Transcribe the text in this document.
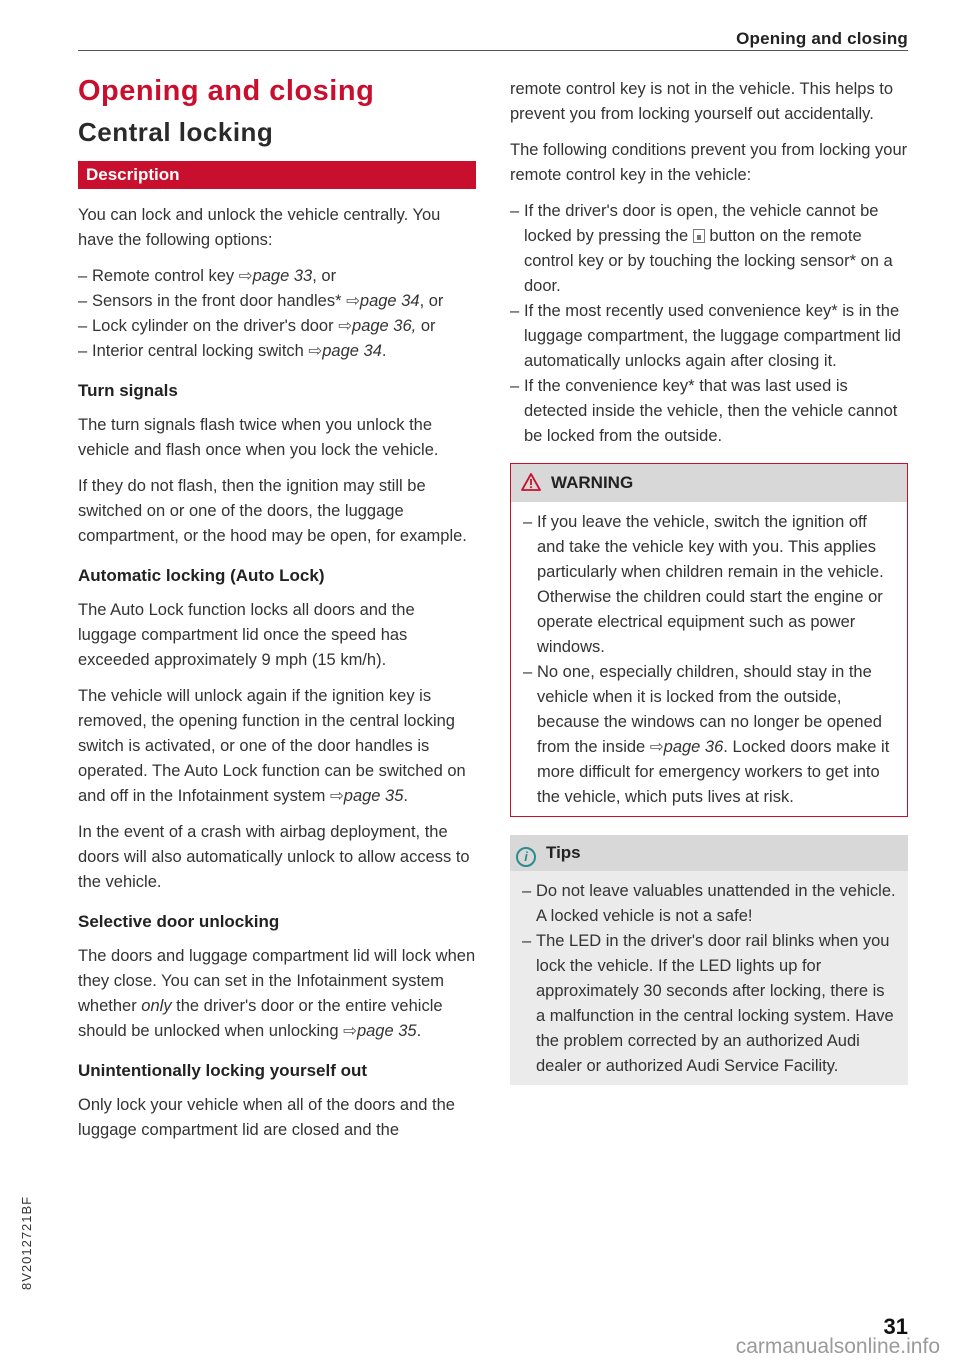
Opening and closing
Opening and closing
Central locking
Description

You can lock and unlock the vehicle centrally. You have the following options:

– Remote control key ⇨page 33, or
– Sensors in the front door handles* ⇨page 34, or
– Lock cylinder on the driver's door ⇨page 36, or
– Interior central locking switch ⇨page 34.
Turn signals

The turn signals flash twice when you unlock the vehicle and flash once when you lock the vehicle.

If they do not flash, then the ignition may still be switched on or one of the doors, the luggage compartment, or the hood may be open, for example.

Automatic locking (Auto Lock)

The Auto Lock function locks all doors and the luggage compartment lid once the speed has exceeded approximately 9 mph (15 km/h).

The vehicle will unlock again if the ignition key is removed, the opening function in the central locking switch is activated, or one of the door handles is operated. The Auto Lock function can be switched on and off in the Infotainment system ⇨page 35.

In the event of a crash with airbag deployment, the doors will also automatically unlock to allow access to the vehicle.

Selective door unlocking

The doors and luggage compartment lid will lock when they close. You can set in the Infotainment system whether only the driver's door or the entire vehicle should be unlocked when unlocking ⇨page 35.

Unintentionally locking yourself out

Only lock your vehicle when all of the doors and the luggage compartment lid are closed and the

remote control key is not in the vehicle. This helps to prevent you from locking yourself out accidentally.

The following conditions prevent you from locking your remote control key in the vehicle:

– If the driver's door is open, the vehicle cannot be locked by pressing the  button on the remote control key or by touching the locking sensor* on a door.
– If the most recently used convenience key* is in the luggage compartment, the luggage compartment lid automatically unlocks again after closing it.
– If the convenience key* that was last used is detected inside the vehicle, then the vehicle cannot be locked from the outside.
WARNING
– If you leave the vehicle, switch the ignition off and take the vehicle key with you. This applies particularly when children remain in the vehicle. Otherwise the children could start the engine or operate electrical equipment such as power windows.
– No one, especially children, should stay in the vehicle when it is locked from the outside, because the windows can no longer be opened from the inside ⇨page 36. Locked doors make it more difficult for emergency workers to get into the vehicle, which puts lives at risk.
i Tips
– Do not leave valuables unattended in the vehicle. A locked vehicle is not a safe!
– The LED in the driver's door rail blinks when you lock the vehicle. If the LED lights up for approximately 30 seconds after locking, there is a malfunction in the central locking system. Have the problem corrected by an authorized Audi dealer or authorized Audi Service Facility.
8V2012721BF
31
carmanualsonline.info
